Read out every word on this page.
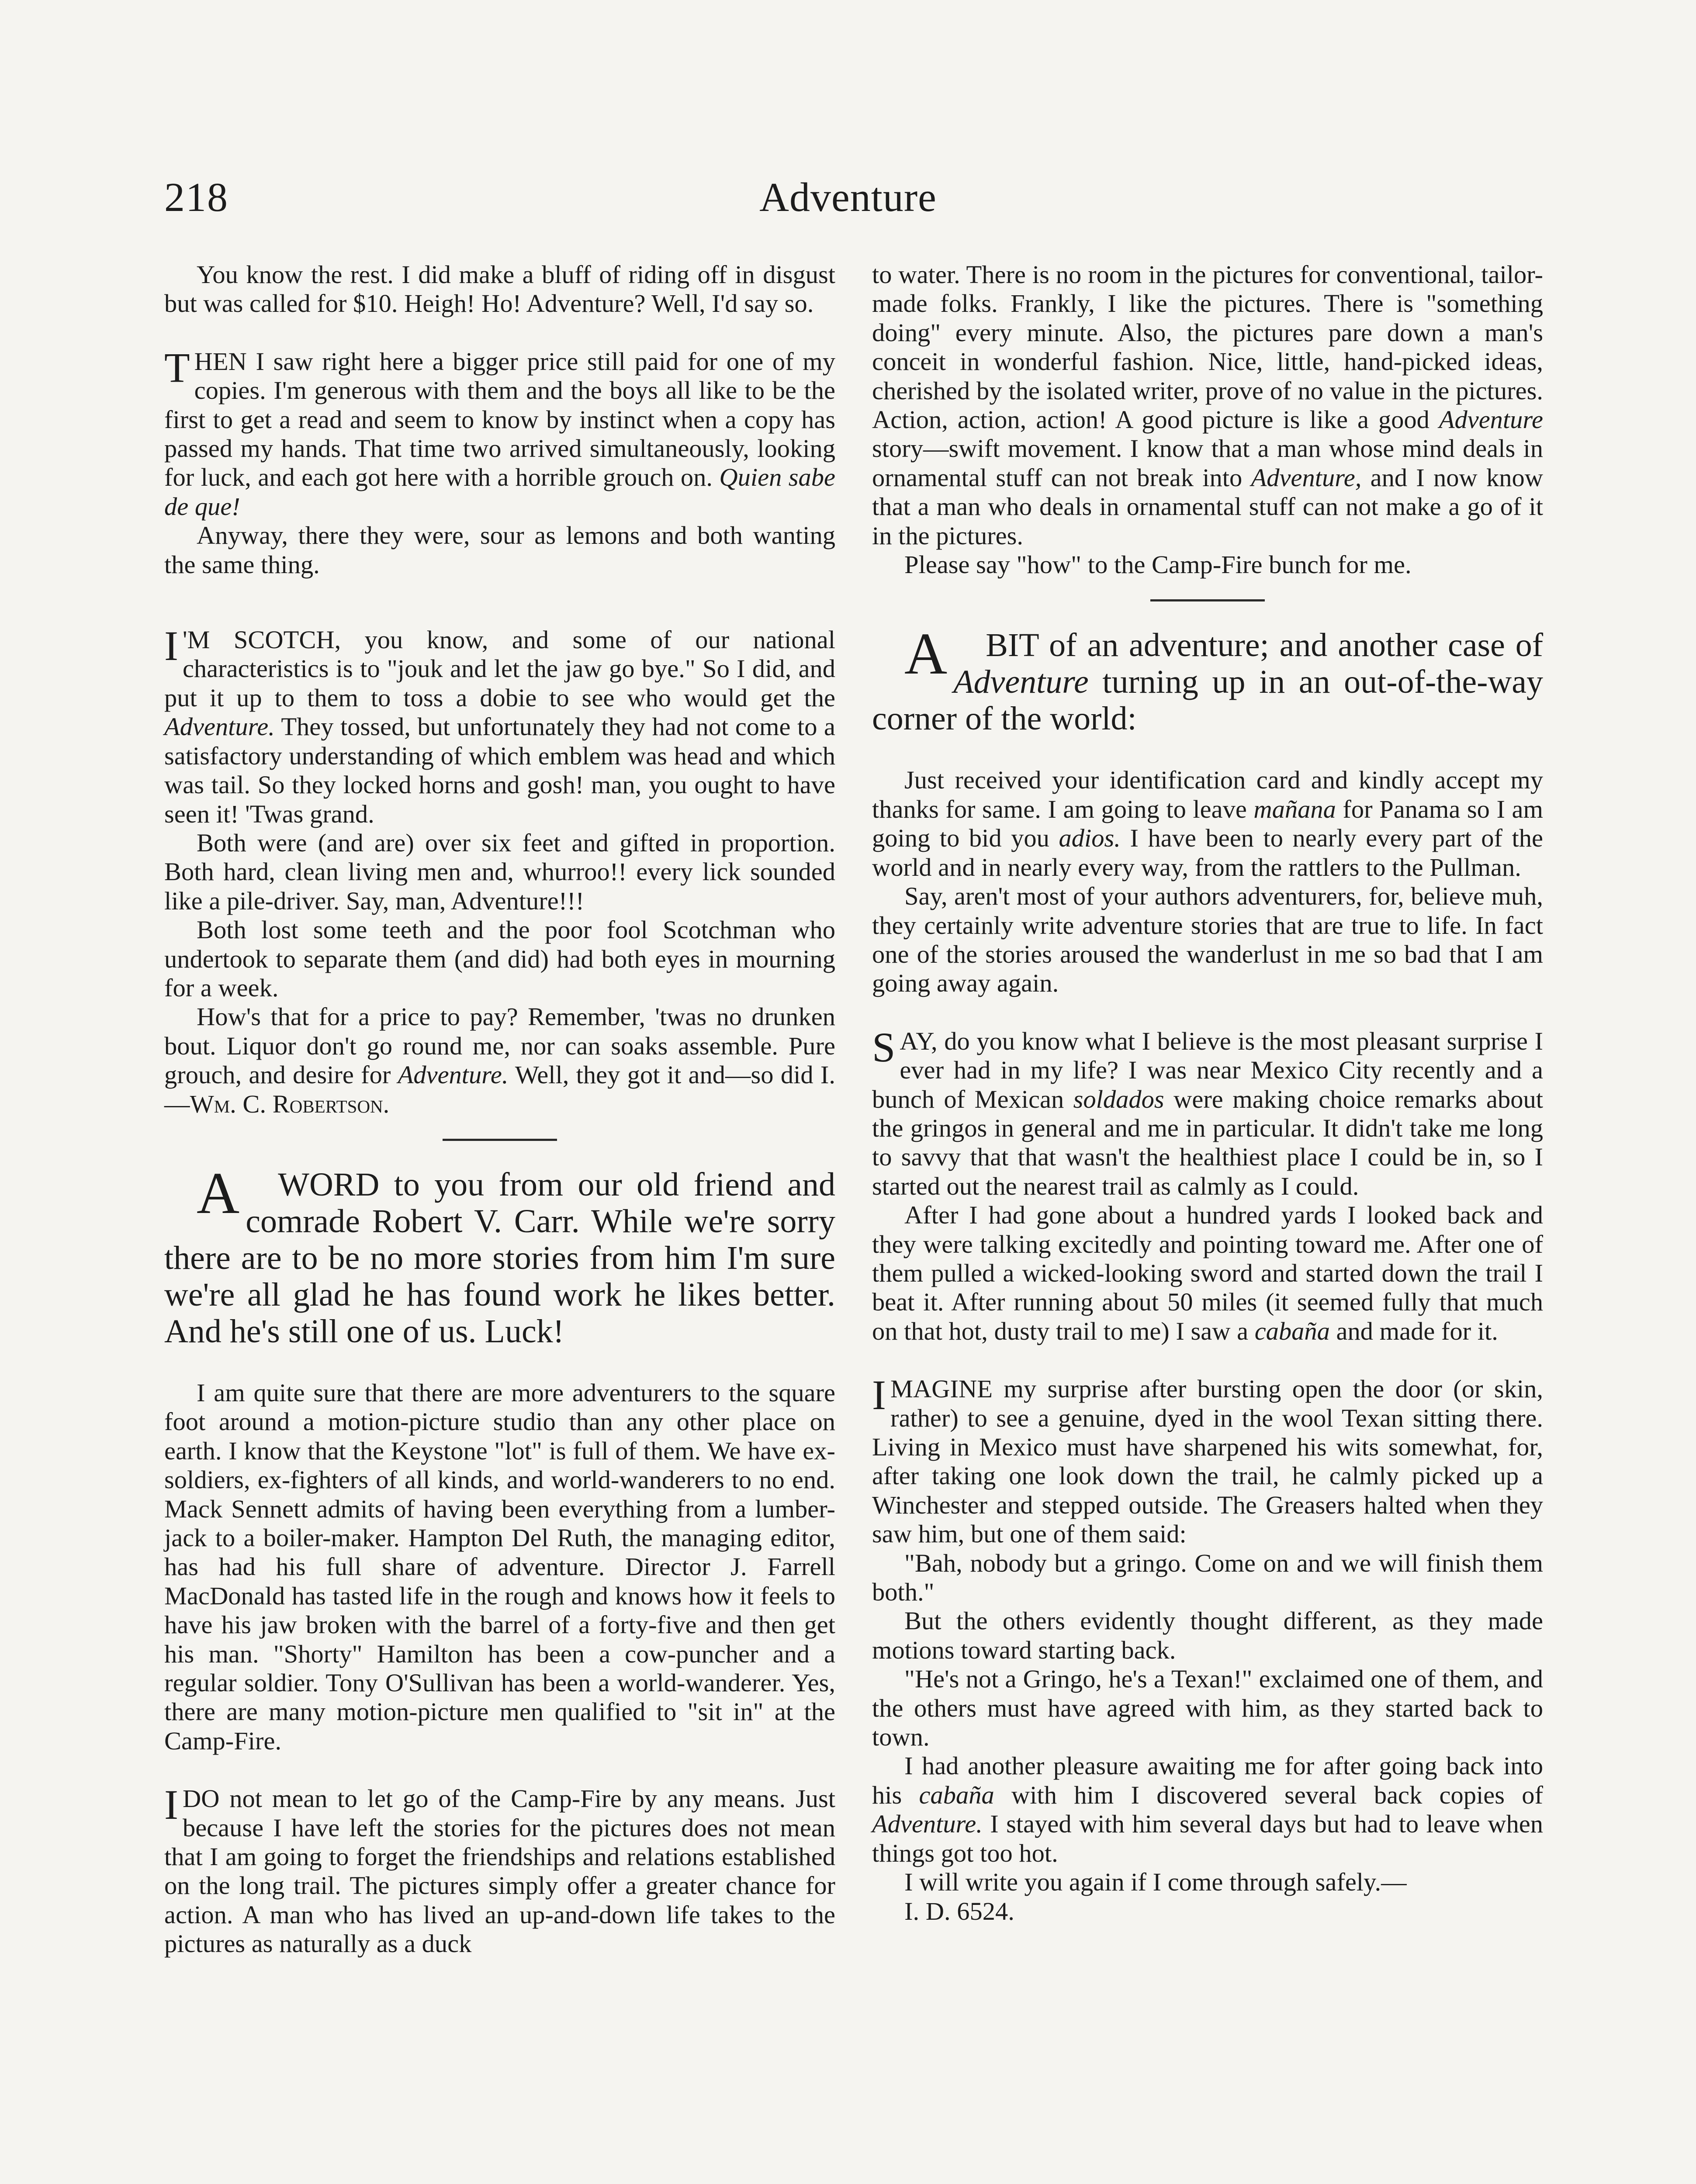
218	Adventure

You know the rest. I did make a bluff of riding off in disgust but was called for $10. Heigh! Ho! Adventure? Well, I'd say so.

THEN I saw right here a bigger price still paid for one of my copies. I'm generous with them and the boys all like to be the first to get a read and seem to know by instinct when a copy has passed my hands. That time two arrived simultaneously, looking for luck, and each got here with a horrible grouch on. Quien sabe de que!

Anyway, there they were, sour as lemons and both wanting the same thing.

I 'M SCOTCH, you know, and some of our national characteristics is to "jouk and let the jaw go bye." So I did, and put it up to them to toss a dobie to see who would get the Adventure. They tossed, but unfortunately they had not come to a satisfactory understanding of which emblem was head and which was tail. So they locked horns and gosh! man, you ought to have seen it! 'Twas grand.

Both were (and are) over six feet and gifted in proportion. Both hard, clean living men and, whurroo!! every lick sounded like a pile-driver. Say, man, Adventure!!!

Both lost some teeth and the poor fool Scotchman who undertook to separate them (and did) had both eyes in mourning for a week.

How's that for a price to pay? Remember, 'twas no drunken bout. Liquor don't go round me, nor can soaks assemble. Pure grouch, and desire for Adventure. Well, they got it and—so did I.—Wm. C. Robertson.

A WORD to you from our old friend and comrade Robert V. Carr. While we're sorry there are to be no more stories from him I'm sure we're all glad he has found work he likes better. And he's still one of us. Luck!

I am quite sure that there are more adventurers to the square foot around a motion-picture studio than any other place on earth. I know that the Keystone "lot" is full of them. We have ex-soldiers, ex-fighters of all kinds, and world-wanderers to no end. Mack Sennett admits of having been everything from a lumber-jack to a boiler-maker. Hampton Del Ruth, the managing editor, has had his full share of adventure. Director J. Farrell MacDonald has tasted life in the rough and knows how it feels to have his jaw broken with the barrel of a forty-five and then get his man. "Shorty" Hamilton has been a cow-puncher and a regular soldier. Tony O'Sullivan has been a world-wanderer. Yes, there are many motion-picture men qualified to "sit in" at the Camp-Fire.

I DO not mean to let go of the Camp-Fire by any means. Just because I have left the stories for the pictures does not mean that I am going to forget the friendships and relations established on the long trail. The pictures simply offer a greater chance for action. A man who has lived an up-and-down life takes to the pictures as naturally as a duck

to water. There is no room in the pictures for conventional, tailor-made folks. Frankly, I like the pictures. There is "something doing" every minute. Also, the pictures pare down a man's conceit in wonderful fashion. Nice, little, hand-picked ideas, cherished by the isolated writer, prove of no value in the pictures. Action, action, action! A good picture is like a good Adventure story—swift movement. I know that a man whose mind deals in ornamental stuff can not break into Adventure, and I now know that a man who deals in ornamental stuff can not make a go of it in the pictures.

Please say "how" to the Camp-Fire bunch for me.

A BIT of an adventure; and another case of Adventure turning up in an out-of-the-way corner of the world:

Just received your identification card and kindly accept my thanks for same. I am going to leave mañana for Panama so I am going to bid you adios. I have been to nearly every part of the world and in nearly every way, from the rattlers to the Pullman.

Say, aren't most of your authors adventurers, for, believe muh, they certainly write adventure stories that are true to life. In fact one of the stories aroused the wanderlust in me so bad that I am going away again.

SAY, do you know what I believe is the most pleasant surprise I ever had in my life? I was near Mexico City recently and a bunch of Mexican soldados were making choice remarks about the gringos in general and me in particular. It didn't take me long to savvy that that wasn't the healthiest place I could be in, so I started out the nearest trail as calmly as I could.

After I had gone about a hundred yards I looked back and they were talking excitedly and pointing toward me. After one of them pulled a wicked-looking sword and started down the trail I beat it. After running about 50 miles (it seemed fully that much on that hot, dusty trail to me) I saw a cabaña and made for it.

IMAGINE my surprise after bursting open the door (or skin, rather) to see a genuine, dyed in the wool Texan sitting there. Living in Mexico must have sharpened his wits somewhat, for, after taking one look down the trail, he calmly picked up a Winchester and stepped outside. The Greasers halted when they saw him, but one of them said:

"Bah, nobody but a gringo. Come on and we will finish them both."

But the others evidently thought different, as they made motions toward starting back.

"He's not a Gringo, he's a Texan!" exclaimed one of them, and the others must have agreed with him, as they started back to town.

I had another pleasure awaiting me for after going back into his cabaña with him I discovered several back copies of Adventure. I stayed with him several days but had to leave when things got too hot.

I will write you again if I come through safely.—

I. D. 6524.
